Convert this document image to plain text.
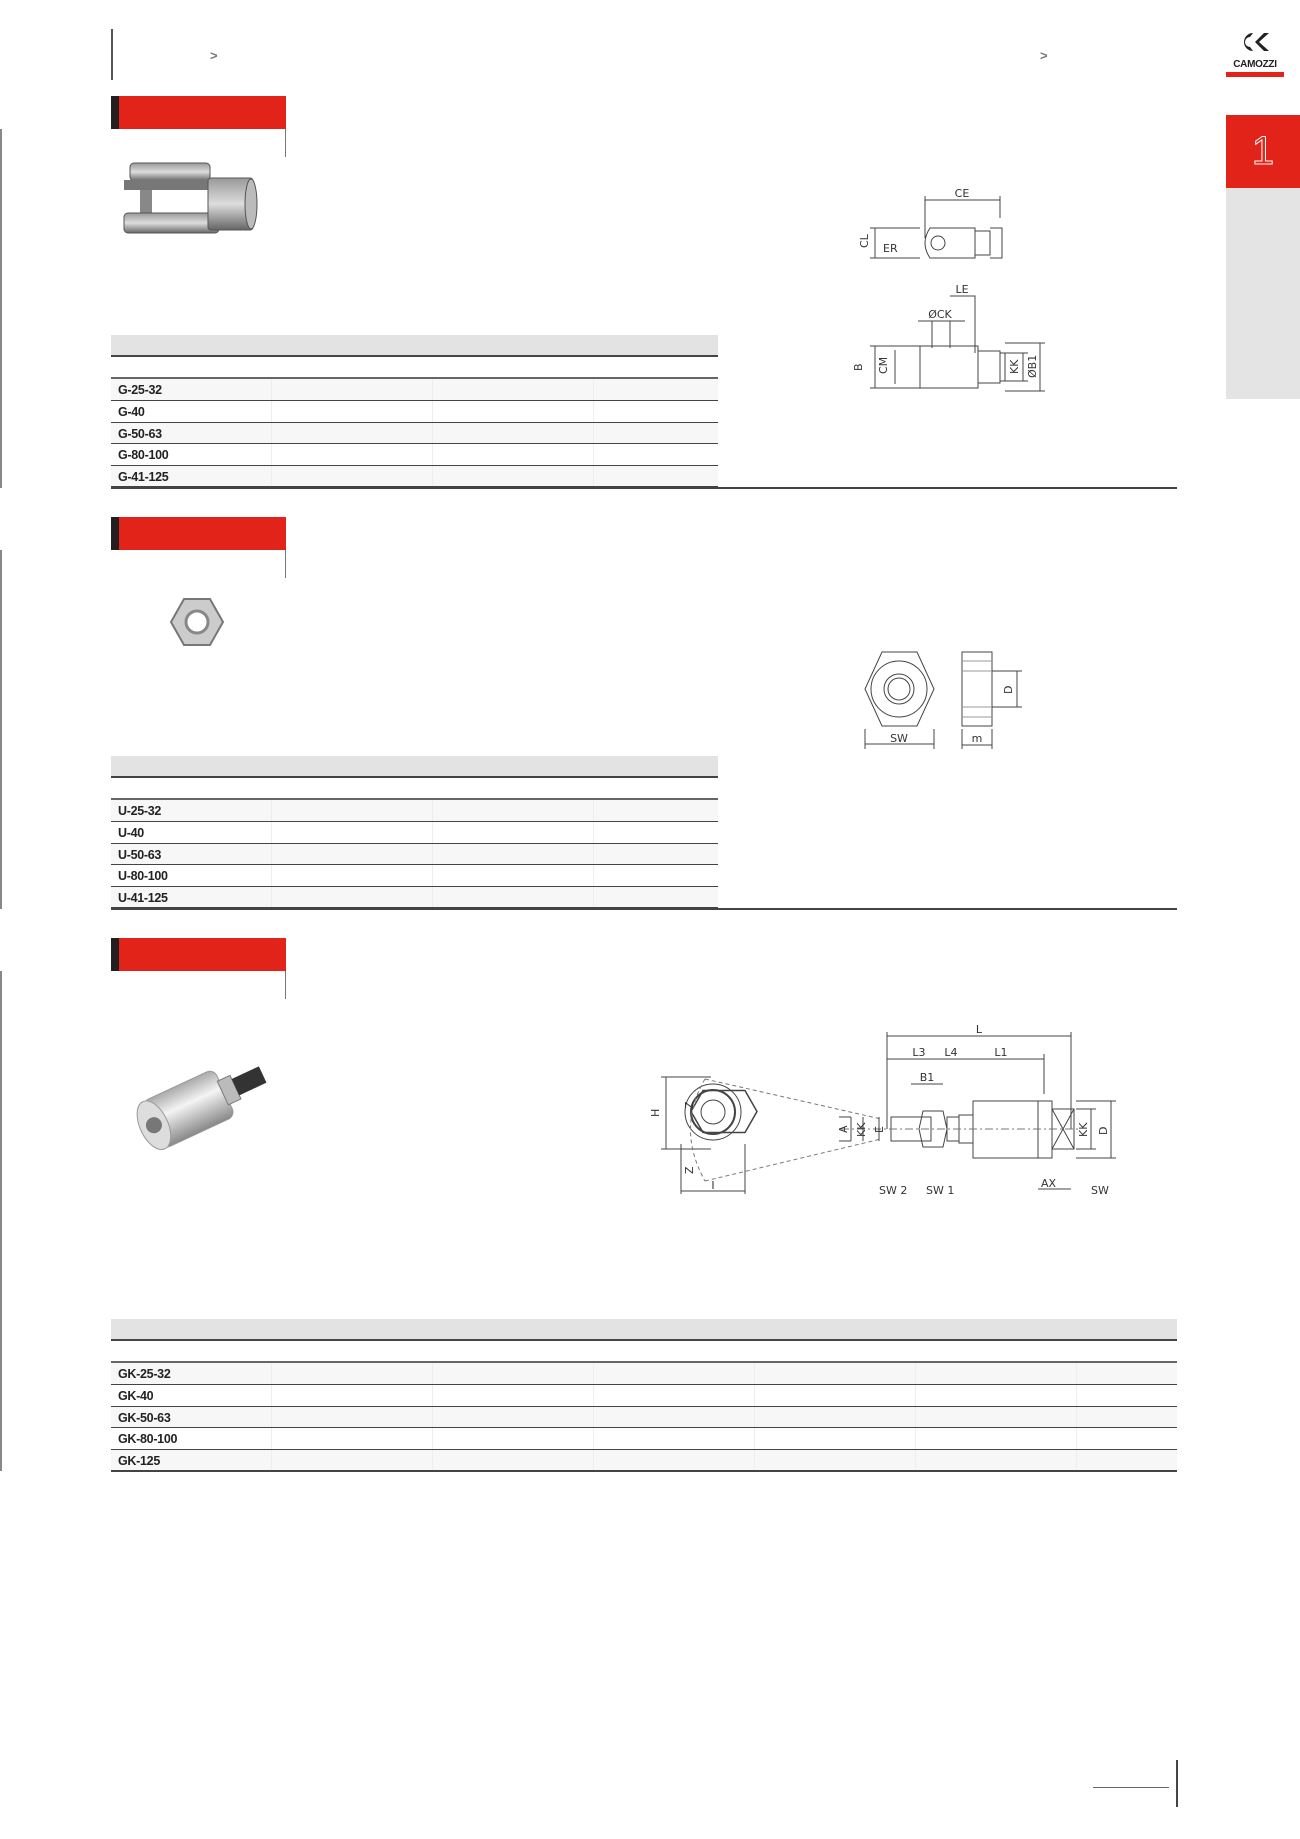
>	>
CAMOZZI
1
CE
CL
ER
LE
ØCK
B CM	KK ØB1
G-25-32
G-40
G-50-63
G-80-100
G-41-125
SW
D
m
U-25-32
U-40
U-50-63
U-80-100
U-41-125
H
I
L
L3 L4	L1
B1
Z
Z
A KK E
SW 2 SW 1
AX
SW
KK D
GK-25-32
GK-40
GK-50-63
GK-80-100
GK-125
